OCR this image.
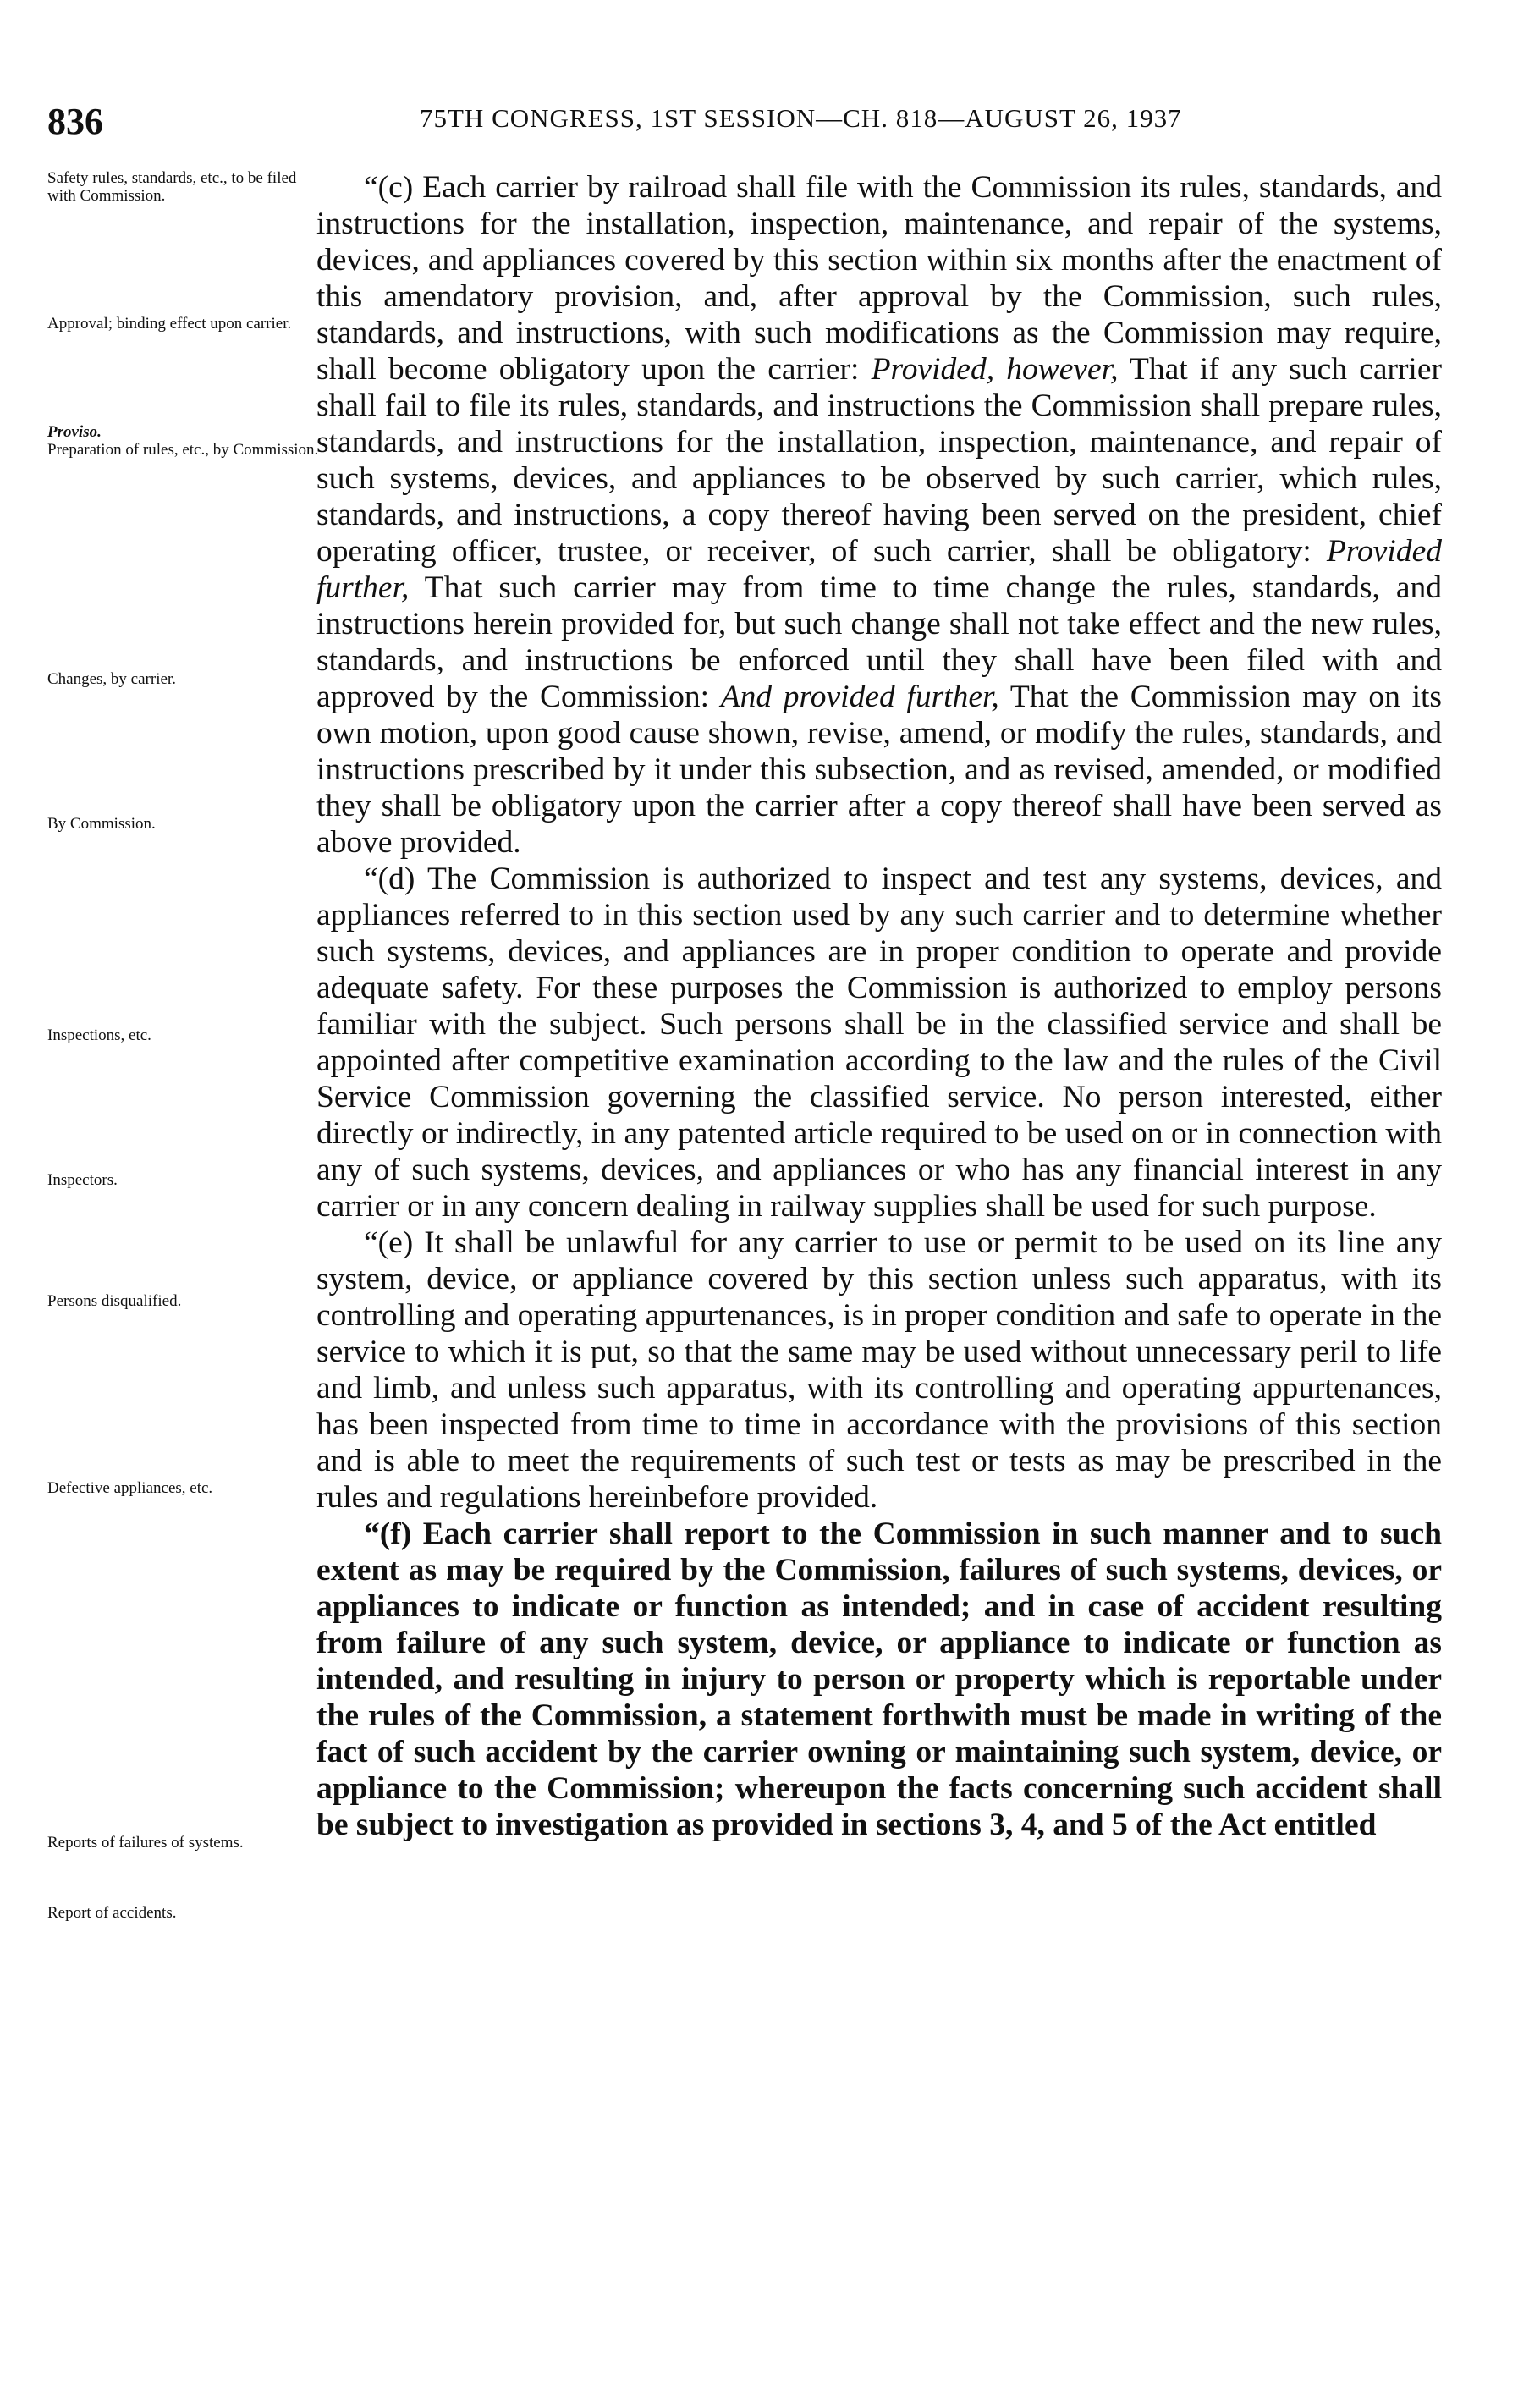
836	75TH CONGRESS, 1ST SESSION—CH. 818—AUGUST 26, 1937
Safety rules, standards, etc., to be filed with Commission.
Approval; binding effect upon carrier.
Proviso.
Preparation of rules, etc., by Commission.
Changes, by carrier.
By Commission.
Inspections, etc.
Inspectors.
Persons disqualified.
Defective appliances, etc.
Reports of failures of systems.
Report of accidents.

“(c) Each carrier by railroad shall file with the Commission its rules, standards, and instructions for the installation, inspection, maintenance, and repair of the systems, devices, and appliances covered by this section within six months after the enactment of this amendatory provision, and, after approval by the Commission, such rules, standards, and instructions, with such modifications as the Commission may require, shall become obligatory upon the carrier: Provided, however, That if any such carrier shall fail to file its rules, standards, and instructions the Commission shall prepare rules, standards, and instructions for the installation, inspection, maintenance, and repair of such systems, devices, and appliances to be observed by such carrier, which rules, standards, and instructions, a copy thereof having been served on the president, chief operating officer, trustee, or receiver, of such carrier, shall be obligatory: Provided further, That such carrier may from time to time change the rules, standards, and instructions herein provided for, but such change shall not take effect and the new rules, standards, and instructions be enforced until they shall have been filed with and approved by the Commission: And provided further, That the Commission may on its own motion, upon good cause shown, revise, amend, or modify the rules, standards, and instructions prescribed by it under this subsection, and as revised, amended, or modified they shall be obligatory upon the carrier after a copy thereof shall have been served as above provided.

“(d) The Commission is authorized to inspect and test any systems, devices, and appliances referred to in this section used by any such carrier and to determine whether such systems, devices, and appliances are in proper condition to operate and provide adequate safety. For these purposes the Commission is authorized to employ persons familiar with the subject. Such persons shall be in the classified service and shall be appointed after competitive examination according to the law and the rules of the Civil Service Commission governing the classified service. No person interested, either directly or indirectly, in any patented article required to be used on or in connection with any of such systems, devices, and appliances or who has any financial interest in any carrier or in any concern dealing in railway supplies shall be used for such purpose.

“(e) It shall be unlawful for any carrier to use or permit to be used on its line any system, device, or appliance covered by this section unless such apparatus, with its controlling and operating appurtenances, is in proper condition and safe to operate in the service to which it is put, so that the same may be used without unnecessary peril to life and limb, and unless such apparatus, with its controlling and operating appurtenances, has been inspected from time to time in accordance with the provisions of this section and is able to meet the requirements of such test or tests as may be prescribed in the rules and regulations hereinbefore provided.

“(f) Each carrier shall report to the Commission in such manner and to such extent as may be required by the Commission, failures of such systems, devices, or appliances to indicate or function as intended; and in case of accident resulting from failure of any such system, device, or appliance to indicate or function as intended, and resulting in injury to person or property which is reportable under the rules of the Commission, a statement forthwith must be made in writing of the fact of such accident by the carrier owning or maintaining such system, device, or appliance to the Commission; whereupon the facts concerning such accident shall be subject to investigation as provided in sections 3, 4, and 5 of the Act entitled
